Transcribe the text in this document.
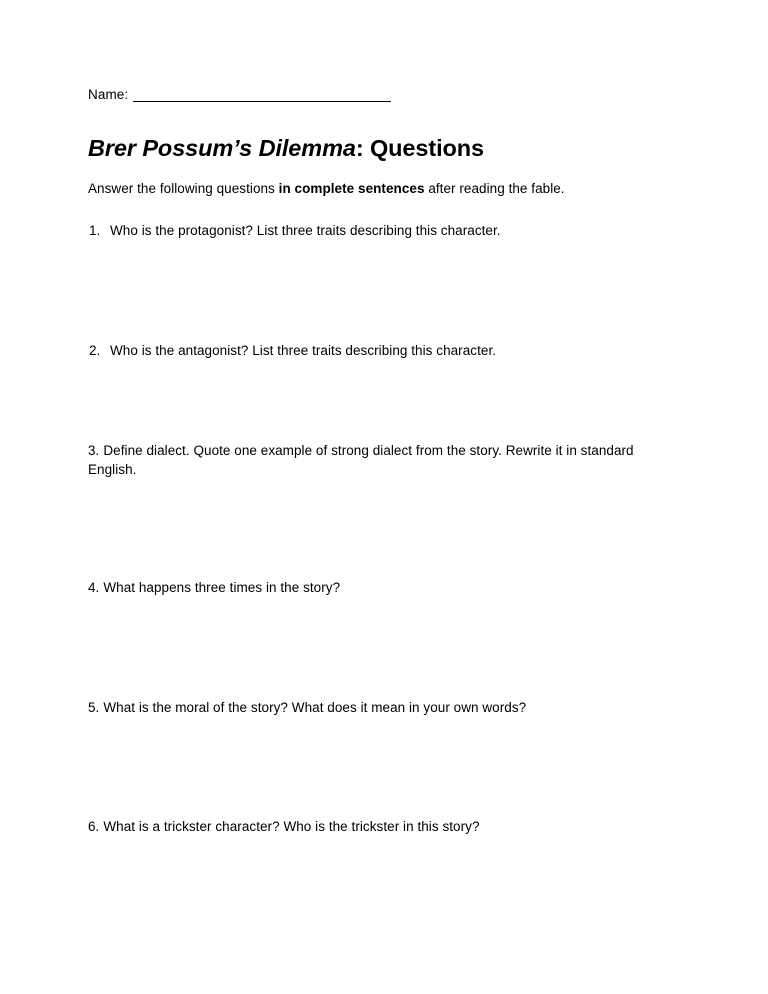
Name:
Brer Possum’s Dilemma: Questions

Answer the following questions in complete sentences after reading the fable.

1. Who is the protagonist? List three traits describing this character.

2. Who is the antagonist? List three traits describing this character.

3. Define dialect. Quote one example of strong dialect from the story. Rewrite it in standard English.

4. What happens three times in the story?

5. What is the moral of the story? What does it mean in your own words?

6. What is a trickster character? Who is the trickster in this story?
